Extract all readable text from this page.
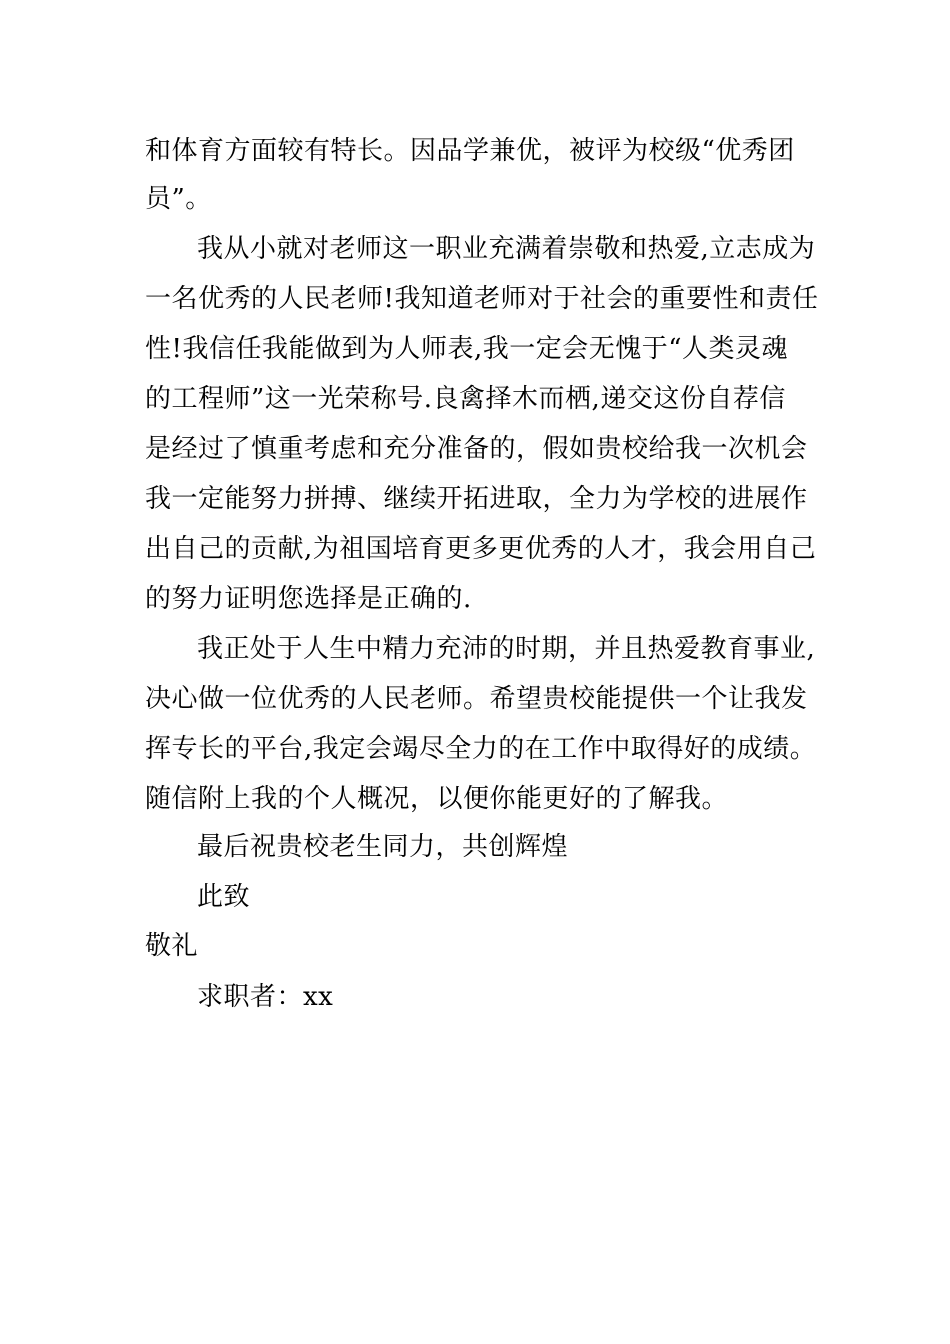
和体育方面较有特长。因品学兼优，被评为校级“优秀团
员”。
我从小就对老师这一职业充满着崇敬和热爱,立志成为
一名优秀的人民老师!我知道老师对于社会的重要性和责任
性!我信任我能做到为人师表,我一定会无愧于“人类灵魂
的工程师”这一光荣称号.良禽择木而栖,递交这份自荐信
是经过了慎重考虑和充分准备的，假如贵校给我一次机会
我一定能努力拼搏、继续开拓进取，全力为学校的进展作
出自己的贡献,为祖国培育更多更优秀的人才，我会用自己
的努力证明您选择是正确的.
我正处于人生中精力充沛的时期，并且热爱教育事业,
决心做一位优秀的人民老师。希望贵校能提供一个让我发
挥专长的平台,我定会竭尽全力的在工作中取得好的成绩。
随信附上我的个人概况，以便你能更好的了解我。
最后祝贵校老生同力，共创辉煌
此致
敬礼
求职者：xx
